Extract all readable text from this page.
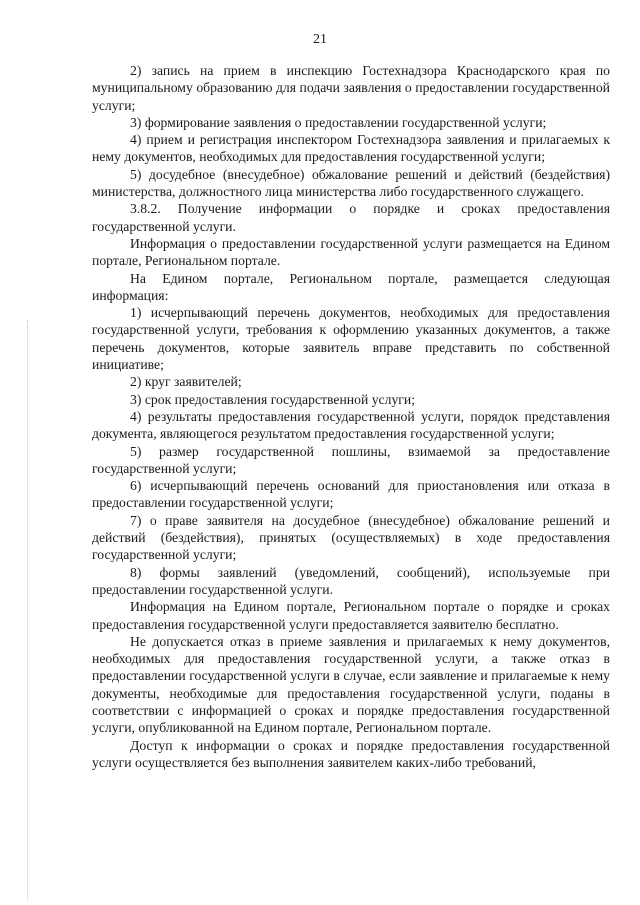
21

2) запись на прием в инспекцию Гостехнадзора Краснодарского края по муниципальному образованию для подачи заявления о предоставлении государственной услуги;

3) формирование заявления о предоставлении государственной услуги;

4) прием и регистрация инспектором Гостехнадзора заявления и прилагаемых к нему документов, необходимых для предоставления государственной услуги;

5) досудебное (внесудебное) обжалование решений и действий (бездействия) министерства, должностного лица министерства либо государственного служащего.

3.8.2. Получение информации о порядке и сроках предоставления государственной услуги.

Информация о предоставлении государственной услуги размещается на Едином портале, Региональном портале.

На Едином портале, Региональном портале, размещается следующая информация:

1) исчерпывающий перечень документов, необходимых для предоставления государственной услуги, требования к оформлению указанных документов, а также перечень документов, которые заявитель вправе представить по собственной инициативе;

2) круг заявителей;

3) срок предоставления государственной услуги;

4) результаты предоставления государственной услуги, порядок представления документа, являющегося результатом предоставления государственной услуги;

5) размер государственной пошлины, взимаемой за предоставление государственной услуги;

6) исчерпывающий перечень оснований для приостановления или отказа в предоставлении государственной услуги;

7) о праве заявителя на досудебное (внесудебное) обжалование решений и действий (бездействия), принятых (осуществляемых) в ходе предоставления государственной услуги;

8) формы заявлений (уведомлений, сообщений), используемые при предоставлении государственной услуги.

Информация на Едином портале, Региональном портале о порядке и сроках предоставления государственной услуги предоставляется заявителю бесплатно.

Не допускается отказ в приеме заявления и прилагаемых к нему документов, необходимых для предоставления государственной услуги, а также отказ в предоставлении государственной услуги в случае, если заявление и прилагаемые к нему документы, необходимые для предоставления государственной услуги, поданы в соответствии с информацией о сроках и порядке предоставления государственной услуги, опубликованной на Едином портале, Региональном портале.

Доступ к информации о сроках и порядке предоставления государственной услуги осуществляется без выполнения заявителем каких-либо требований,
